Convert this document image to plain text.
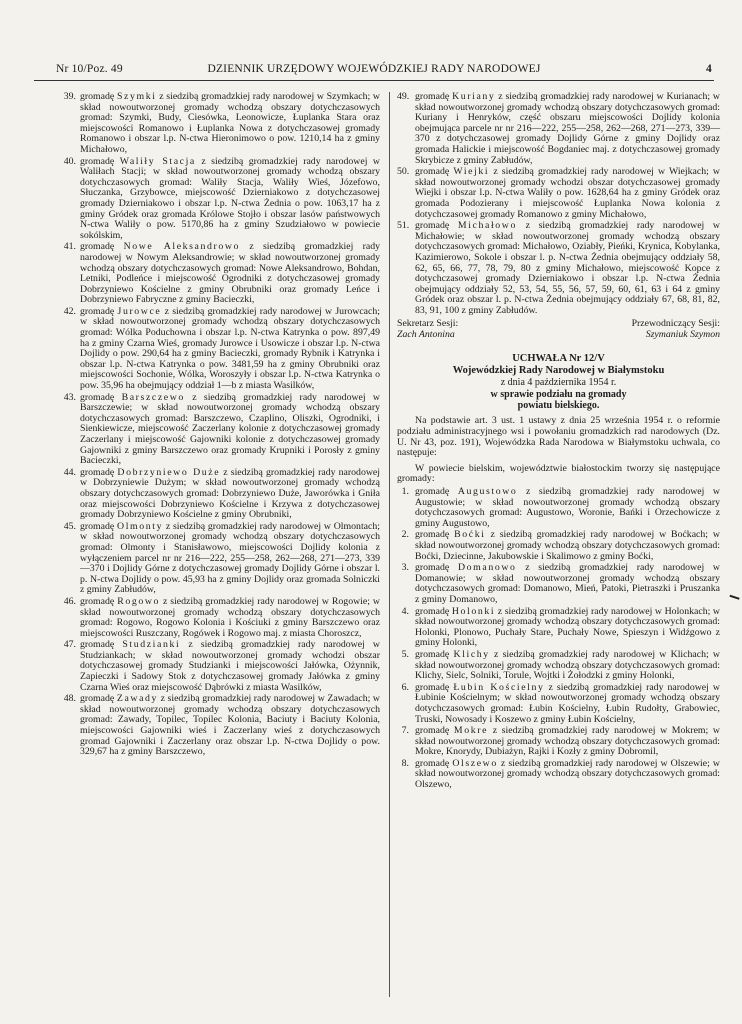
Nr 10/Poz. 49	DZIENNIK URZĘDOWY WOJEWÓDZKIEJ RADY NARODOWEJ	4
39. gromadę Szymki z siedzibą gromadzkiej rady narodowej w Szymkach; w skład nowoutworzonej gromady wchodzą obszary dotychczasowych gromad: Szymki, Budy, Ciesówka, Leonowicze, Łuplanka Stara oraz miejscowości Romanowo i Łuplanka Nowa z dotychczasowej gromady Romanowo i obszar l.p. N-ctwa Hieronimowo o pow. 1210,14 ha z gminy Michałowo,
40. gromadę Waliły Stacja z siedzibą gromadzkiej rady narodowej w Waliłach Stacji; w skład nowoutworzonej gromady wchodzą obszary dotychczasowych gromad: Waliły Stacja, Waliły Wieś, Józefowo, Słuczanka, Grzybowce, miejscowość Dzierniakowo z dotychczasowej gromady Dzierniakowo i obszar l.p. N-ctwa Żednia o pow. 1063,17 ha z gminy Gródek oraz gromada Królowe Stojło i obszar lasów państwowych N-ctwa Waliły o pow. 5170,86 ha z gminy Szudziałowo w powiecie sokólskim,
41. gromadę Nowe Aleksandrowo z siedzibą gromadzkiej rady narodowej w Nowym Aleksandrowie; w skład nowoutworzonej gromady wchodzą obszary dotychczasowych gromad: Nowe Aleksandrowo, Bohdan, Letniki, Podleńce i miejscowość Ogrodniki z dotychczasowej gromady Dobrzyniewo Kościelne z gminy Obrubniki oraz gromady Leńce i Dobrzyniewo Fabryczne z gminy Bacieczki,
42. gromadę Jurowce z siedzibą gromadzkiej rady narodowej w Jurowcach; w skład nowoutworzonej gromady wchodzą obszary dotychczasowych gromad: Wólka Poduchowna i obszar l.p. N-ctwa Katrynka o pow. 897,49 ha z gminy Czarna Wieś, gromady Jurowce i Usowicze i obszar l.p. N-ctwa Dojlidy o pow. 290,64 ha z gminy Bacieczki, gromady Rybnik i Katrynka i obszar l.p. N-ctwa Katrynka o pow. 3481,59 ha z gminy Obrubniki oraz miejscowości Sochonie, Wólka, Woroszyły i obszar l.p. N-ctwa Katrynka o pow. 35,96 ha obejmujący oddział 1—b z miasta Wasilków,
43. gromadę Barszczewo z siedzibą gromadzkiej rady narodowej w Barszczewie; w skład nowoutworzonej gromady wchodzą obszary dotychczasowych gromad: Barszczewo, Czaplino, Oliszki, Ogrodniki, i Sienkiewicze, miejscowość Zaczerlany kolonie z dotychczasowej gromady Zaczerlany i miejscowość Gajowniki kolonie z dotychczasowej gromady Gajowniki z gminy Barszczewo oraz gromady Krupniki i Porosły z gminy Bacieczki,
44. gromadę Dobrzyniewo Duże z siedzibą gromadzkiej rady narodowej w Dobrzyniewie Dużym; w skład nowoutworzonej gromady wchodzą obszary dotychczasowych gromad: Dobrzyniewo Duże, Jaworówka i Gniła oraz miejscowości Dobrzyniewo Kościelne i Krzywa z dotychczasowej gromady Dobrzyniewo Kościelne z gminy Obrubniki,
45. gromadę Olmonty z siedzibą gromadzkiej rady narodowej w Olmontach; w skład nowoutworzonej gromady wchodzą obszary dotychczasowych gromad: Olmonty i Stanisławowo, miejscowości Dojlidy kolonia z wyłączeniem parcel nr nr 216—222, 255—258, 262—268, 271—273, 339—370 i Dojlidy Górne z dotychczasowej gromady Dojlidy Górne i obszar l. p. N-ctwa Dojlidy o pow. 45,93 ha z gminy Dojlidy oraz gromada Solniczki z gminy Zabłudów,
46. gromadę Rogowo z siedzibą gromadzkiej rady narodowej w Rogowie; w skład nowoutworzonej gromady wchodzą obszary dotychczasowych gromad: Rogowo, Rogowo Kolonia i Kościuki z gminy Barszczewo oraz miejscowości Ruszczany, Rogówek i Rogowo maj. z miasta Choroszcz,
47. gromadę Studzianki z siedzibą gromadzkiej rady narodowej w Studziankach; w skład nowoutworzonej gromady wchodzi obszar dotychczasowej gromady Studzianki i miejscowości Jałówka, Ożynnik, Zapieczki i Sadowy Stok z dotychczasowej gromady Jałówka z gminy Czarna Wieś oraz miejscowość Dąbrówki z miasta Wasilków,
48. gromadę Zawady z siedzibą gromadzkiej rady narodowej w Zawadach; w skład nowoutworzonej gromady wchodzą obszary dotychczasowych gromad: Zawady, Topilec, Topilec Kolonia, Baciuty i Baciuty Kolonia, miejscowości Gajowniki wieś i Zaczerlany wieś z dotychczasowych gromad Gajowniki i Zaczerlany oraz obszar l.p. N-ctwa Dojlidy o pow. 329,67 ha z gminy Barszczewo,
49. gromadę Kuriany z siedzibą gromadzkiej rady narodowej w Kurianach; w skład nowoutworzonej gromady wchodzą obszary dotychczasowych gromad: Kuriany i Henryków, część obszaru miejscowości Dojlidy kolonia obejmująca parcele nr nr 216—222, 255—258, 262—268, 271—273, 339—370 z dotychczasowej gromady Dojlidy Górne z gminy Dojlidy oraz gromada Halickie i miejscowość Bogdaniec maj. z dotychczasowej gromady Skrybicze z gminy Zabłudów,
50. gromadę Wiejki z siedzibą gromadzkiej rady narodowej w Wiejkach; w skład nowoutworzonej gromady wchodzi obszar dotychczasowej gromady Wiejki i obszar l.p. N-ctwa Waliły o pow. 1628,64 ha z gminy Gródek oraz gromada Podozierany i miejscowość Łuplanka Nowa kolonia z dotychczasowej gromady Romanowo z gminy Michałowo,
51. gromadę Michałowo z siedzibą gromadzkiej rady narodowej w Michałowie; w skład nowoutworzonej gromady wchodzą obszary dotychczasowych gromad: Michałowo, Oziabły, Pieńki, Krynica, Kobylanka, Kazimierowo, Sokole i obszar l. p. N-ctwa Żednia obejmujący oddziały 58, 62, 65, 66, 77, 78, 79, 80 z gminy Michałowo, miejscowość Kopce z dotychczasowej gromady Dzierniakowo i obszar l.p. N-ctwa Żednia obejmujący oddziały 52, 53, 54, 55, 56, 57, 59, 60, 61, 63 i 64 z gminy Gródek oraz obszar l. p. N-ctwa Żednia obejmujący oddziały 67, 68, 81, 82, 83, 91, 100 z gminy Zabłudów.
Sekretarz Sesji:
Zach Antonina
Przewodniczący Sesji:
Szymaniuk Szymon
UCHWAŁA Nr 12/V
Wojewódzkiej Rady Narodowej w Białymstoku
z dnia 4 października 1954 r.
w sprawie podziału na gromady
powiatu bielskiego.

Na podstawie art. 3 ust. 1 ustawy z dnia 25 września 1954 r. o reformie podziału administracyjnego wsi i powołaniu gromadzkich rad narodowych (Dz. U. Nr 43, poz. 191), Wojewódzka Rada Narodowa w Białymstoku uchwala, co następuje:

W powiecie bielskim, województwie białostockim tworzy się następujące gromady:

1. gromadę Augustowo z siedzibą gromadzkiej rady narodowej w Augustowie; w skład nowoutworzonej gromady wchodzą obszary dotychczasowych gromad: Augustowo, Woronie, Bańki i Orzechowicze z gminy Augustowo,
2. gromadę Boćki z siedzibą gromadzkiej rady narodowej w Boćkach; w skład nowoutworzonej gromady wchodzą obszary dotychczasowych gromad: Boćki, Dziecinne, Jakubowskie i Skalimowo z gminy Boćki,
3. gromadę Domanowo z siedzibą gromadzkiej rady narodowej w Domanowie; w skład nowoutworzonej gromady wchodzą obszary dotychczasowych gromad: Domanowo, Mień, Patoki, Pietraszki i Pruszanka z gminy Domanowo,
4. gromadę Holonki z siedzibą gromadzkiej rady narodowej w Holonkach; w skład nowoutworzonej gromady wchodzą obszary dotychczasowych gromad: Holonki, Plonowo, Puchały Stare, Puchały Nowe, Spieszyn i Widźgowo z gminy Holonki,
5. gromadę Klichy z siedzibą gromadzkiej rady narodowej w Klichach; w skład nowoutworzonej gromady wchodzą obszary dotychczasowych gromad: Klichy, Sielc, Solniki, Torule, Wojtki i Żołodzki z gminy Holonki,
6. gromadę Łubin Kościelny z siedzibą gromadzkiej rady narodowej w Łubinie Kościelnym; w skład nowoutworzonej gromady wchodzą obszary dotychczasowych gromad: Łubin Kościelny, Łubin Rudołty, Grabowiec, Truski, Nowosady i Koszewo z gminy Łubin Kościelny,
7. gromadę Mokre z siedzibą gromadzkiej rady narodowej w Mokrem; w skład nowoutworzonej gromady wchodzą obszary dotychczasowych gromad: Mokre, Knorydy, Dubiażyn, Rajki i Kozły z gminy Dobromil,
8. gromadę Olszewo z siedzibą gromadzkiej rady narodowej w Olszewie; w skład nowoutworzonej gromady wchodzą obszary dotychczasowych gromad: Olszewo,
